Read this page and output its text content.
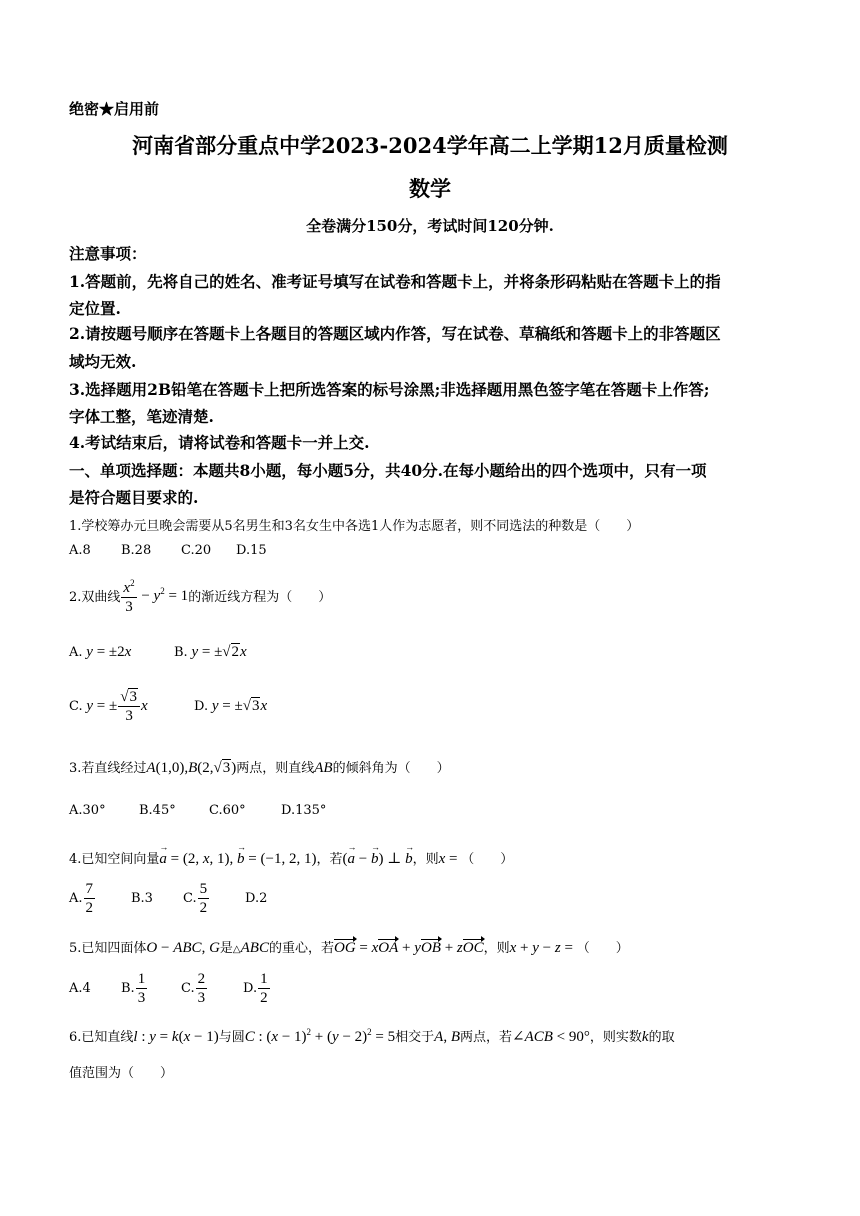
绝密★启用前
河南省部分重点中学2023-2024学年高二上学期12月质量检测
数学
全卷满分150分，考试时间120分钟.
注意事项：
1.答题前，先将自己的姓名、准考证号填写在试卷和答题卡上，并将条形码粘贴在答题卡上的指
定位置.
2.请按题号顺序在答题卡上各题目的答题区域内作答，写在试卷、草稿纸和答题卡上的非答题区
域均无效.
3.选择题用2B铅笔在答题卡上把所选答案的标号涂黑;非选择题用黑色签字笔在答题卡上作答;
字体工整，笔迹清楚.
4.考试结束后，请将试卷和答题卡一并上交.
一、单项选择题：本题共8小题，每小题5分，共40分.在每小题给出的四个选项中，只有一项
是符合题目要求的.
1.学校筹办元旦晚会需要从5名男生和3名女生中各选1人作为志愿者，则不同选法的种数是（　　）
A.8 B.28 C.20 D.15
2.双曲线 $\frac{x^2}{3} - y^2 = 1$ 的渐近线方程为（　　）
A. y = ±2x	B. y = ±√2x
C. y = ± $\frac{√3}{3}$ x	D. y = ±√3x
3.若直线经过A(1,0),B(2,√3)两点，则直线AB的倾斜角为（　　）
A.30°	B.45°	C.60°	D.135°
4.已知空间向量→ a = (2, x, 1), → b = (−1, 2, 1)，若(→ a − → b) ⊥ → b，则x = （　　）
A. $\frac{7}{2}$	B.3	C. $\frac{5}{2}$	D.2
5.已知四面体O − ABC, G是△ABC的重心，若OG = xOA + yOB + zOC，则x + y − z = （　　）
A.4	B. $\frac{1}{3}$	C. $\frac{2}{3}$	D. $\frac{1}{2}$
6.已知直线l : y = k(x − 1)与圆C : $(x - 1)^2 + (y - 2)^2 = 5$相交于A, B两点，若∠ACB < 90°，则实数k的取
值范围为（　　）
